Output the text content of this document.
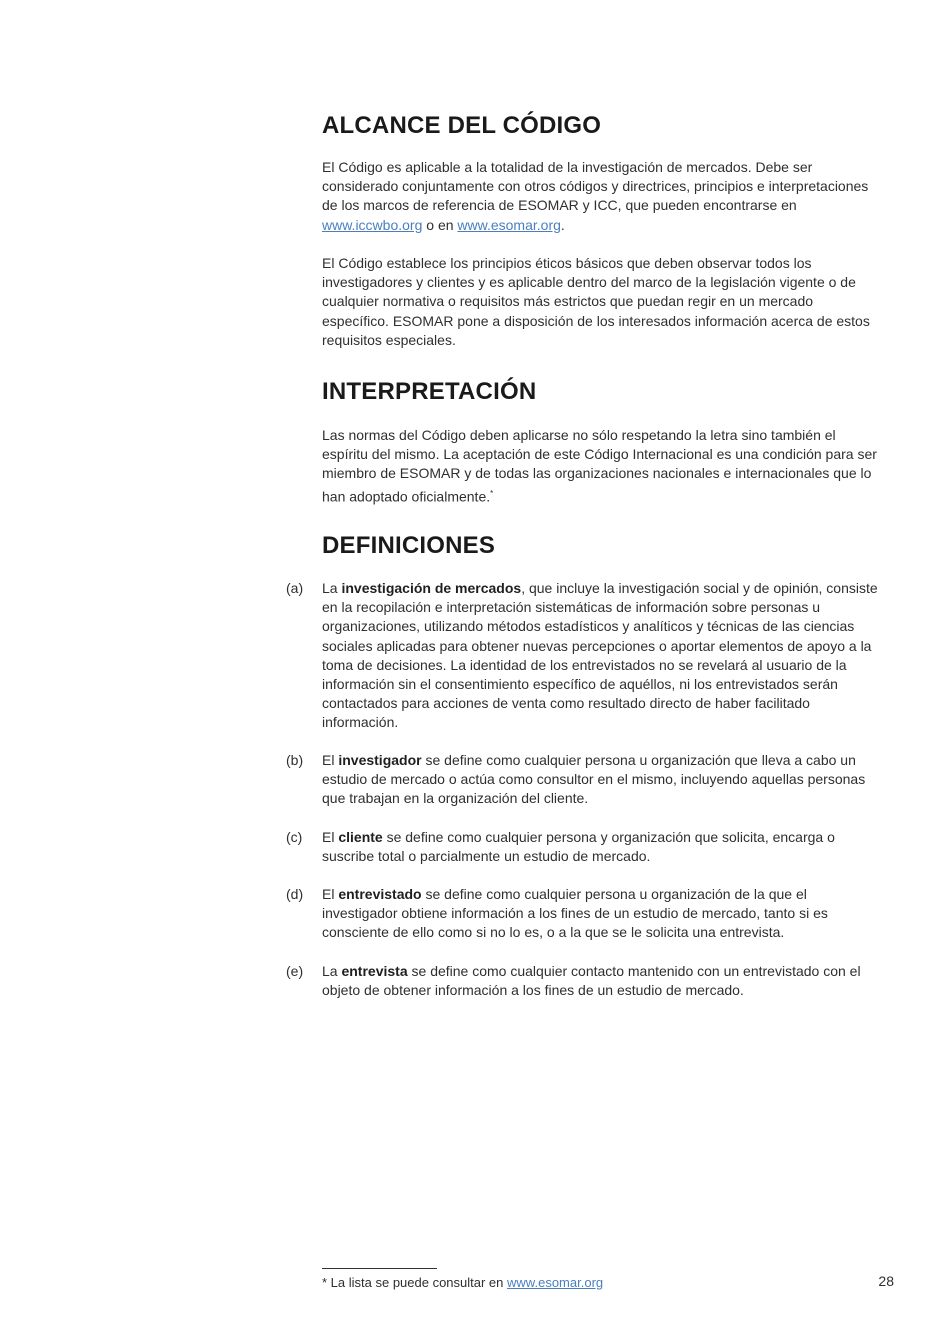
ALCANCE DEL CÓDIGO

El Código es aplicable a la totalidad de la investigación de mercados. Debe ser considerado conjuntamente con otros códigos y directrices, principios e interpretaciones de los marcos de referencia de ESOMAR y ICC, que pueden encontrarse en www.iccwbo.org o en www.esomar.org.

El Código establece los principios éticos básicos que deben observar todos los investigadores y clientes y es aplicable dentro del marco de la legislación vigente o de cualquier normativa o requisitos más estrictos que puedan regir en un mercado específico. ESOMAR pone a disposición de los interesados información acerca de estos requisitos especiales.

INTERPRETACIÓN

Las normas del Código deben aplicarse no sólo respetando la letra sino también el espíritu del mismo. La aceptación de este Código Internacional es una condición para ser miembro de ESOMAR y de todas las organizaciones nacionales e internacionales que lo han adoptado oficialmente.*

DEFINICIONES
(a) La investigación de mercados, que incluye la investigación social y de opinión, consiste en la recopilación e interpretación sistemáticas de información sobre personas u organizaciones, utilizando métodos estadísticos y analíticos y técnicas de las ciencias sociales aplicadas para obtener nuevas percepciones o aportar elementos de apoyo a la toma de decisiones. La identidad de los entrevistados no se revelará al usuario de la información sin el consentimiento específico de aquéllos, ni los entrevistados serán contactados para acciones de venta como resultado directo de haber facilitado información.
(b) El investigador se define como cualquier persona u organización que lleva a cabo un estudio de mercado o actúa como consultor en el mismo, incluyendo aquellas personas que trabajan en la organización del cliente.
(c) El cliente se define como cualquier persona y organización que solicita, encarga o suscribe total o parcialmente un estudio de mercado.
(d) El entrevistado se define como cualquier persona u organización de la que el investigador obtiene información a los fines de un estudio de mercado, tanto si es consciente de ello como si no lo es, o a la que se le solicita una entrevista.
(e) La entrevista se define como cualquier contacto mantenido con un entrevistado con el objeto de obtener información a los fines de un estudio de mercado.
* La lista se puede consultar en www.esomar.org	28
